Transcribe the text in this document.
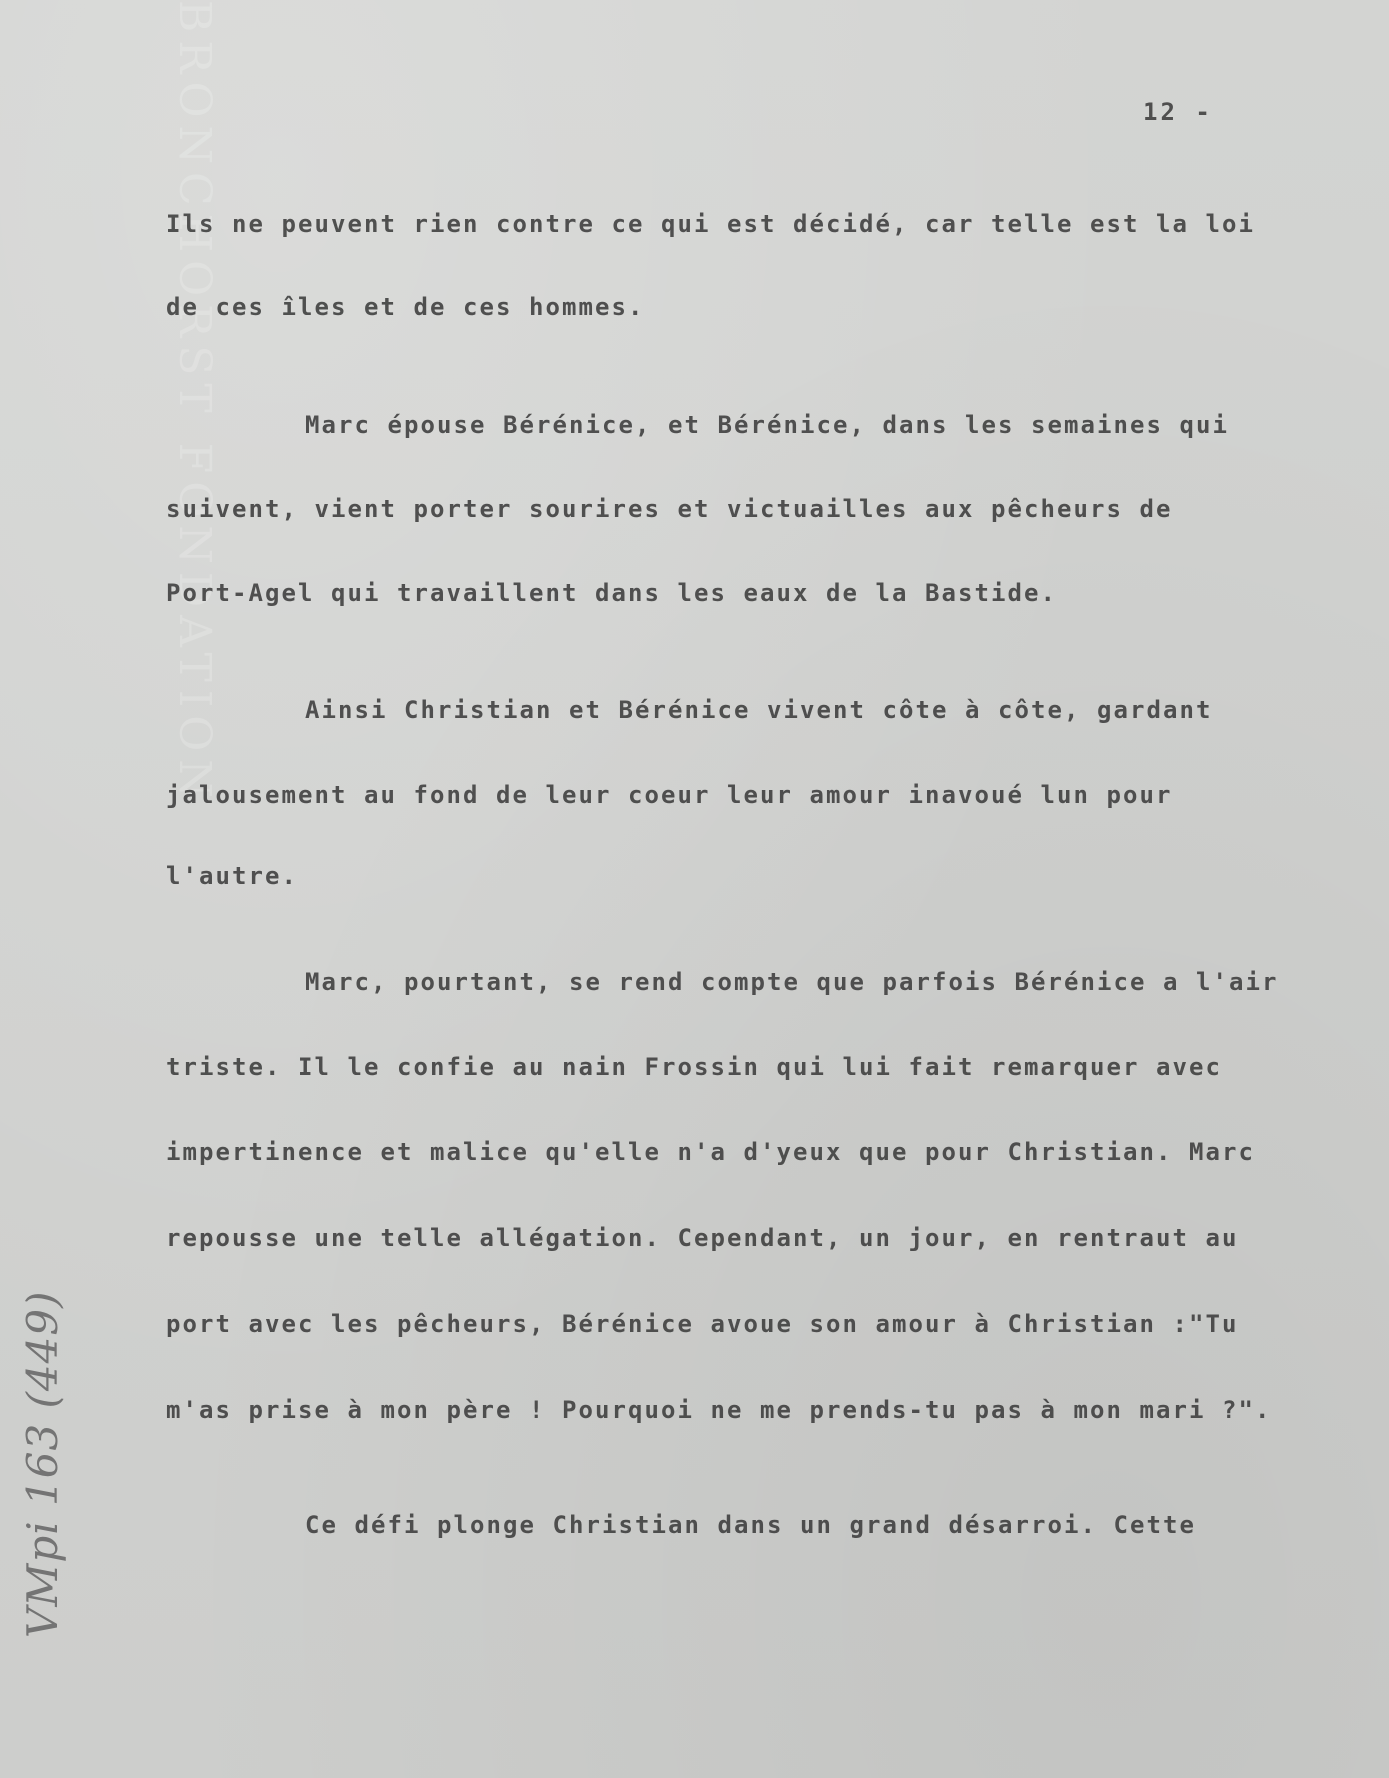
BRONCHORST FONDATION	12 -
Ils ne peuvent rien contre ce qui est décidé, car telle est la loi
de ces îles et de ces hommes.
Marc épouse Bérénice, et Bérénice, dans les semaines qui
suivent, vient porter sourires et victuailles aux pêcheurs de
Port-Agel qui travaillent dans les eaux de la Bastide.
Ainsi Christian et Bérénice vivent côte à côte, gardant
jalousement au fond de leur coeur leur amour inavoué lun pour
l'autre.
Marc, pourtant, se rend compte que parfois Bérénice a l'air
triste. Il le confie au nain Frossin qui lui fait remarquer avec
impertinence et malice qu'elle n'a d'yeux que pour Christian. Marc
repousse une telle allégation. Cependant, un jour, en rentraut au
port avec les pêcheurs, Bérénice avoue son amour à Christian :"Tu
m'as prise à mon père ! Pourquoi ne me prends-tu pas à mon mari ?".
Ce défi plonge Christian dans un grand désarroi. Cette
VMpi 163 (449)
